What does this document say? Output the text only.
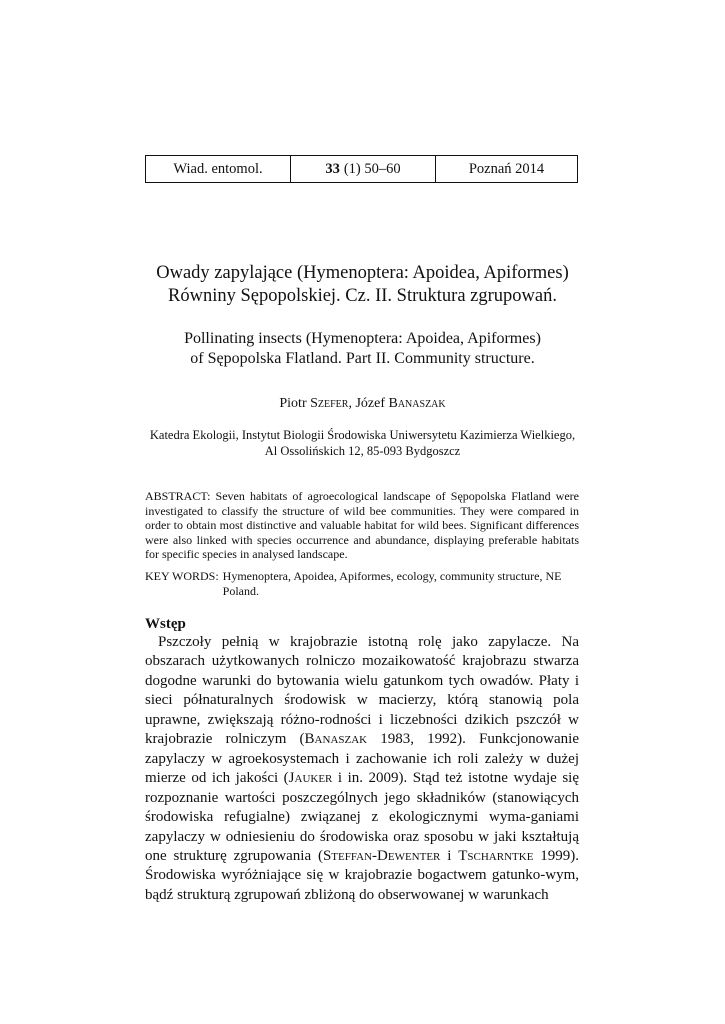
Wiad. entomol.	33 (1) 50–60	Poznań 2014
Owady zapylające (Hymenoptera: Apoidea, Apiformes)
Równiny Sępopolskiej. Cz. II. Struktura zgrupowań.
Pollinating insects (Hymenoptera: Apoidea, Apiformes)
of Sępopolska Flatland. Part II. Community structure.
Piotr Szefer, Józef Banaszak
Katedra Ekologii, Instytut Biologii Środowiska Uniwersytetu Kazimierza Wielkiego,
Al Ossolińskich 12, 85-093 Bydgoszcz
ABSTRACT: Seven habitats of agroecological landscape of Sępopolska Flatland were investigated to classify the structure of wild bee communities. They were compared in order to obtain most distinctive and valuable habitat for wild bees. Significant differences were also linked with species occurrence and abundance, displaying preferable habitats for specific species in analysed landscape.
KEY WORDS: Hymenoptera, Apoidea, Apiformes, ecology, community structure, NE Poland.
Wstęp
Pszczoły pełnią w krajobrazie istotną rolę jako zapylacze. Na obszarach użytkowanych rolniczo mozaikowatość krajobrazu stwarza dogodne warunki do bytowania wielu gatunkom tych owadów. Płaty i sieci półnaturalnych środowisk w macierzy, którą stanowią pola uprawne, zwiększają różno-rodności i liczebności dzikich pszczół w krajobrazie rolniczym (Banaszak 1983, 1992). Funkcjonowanie zapylaczy w agroekosystemach i zachowanie ich roli zależy w dużej mierze od ich jakości (Jauker i in. 2009). Stąd też istotne wydaje się rozpoznanie wartości poszczególnych jego składników (stanowiących środowiska refugialne) związanej z ekologicznymi wyma-ganiami zapylaczy w odniesieniu do środowiska oraz sposobu w jaki kształtują one strukturę zgrupowania (Steffan-Dewenter i Tscharntke 1999). Środowiska wyróżniające się w krajobrazie bogactwem gatunko-wym, bądź strukturą zgrupowań zbliżoną do obserwowanej w warunkach
